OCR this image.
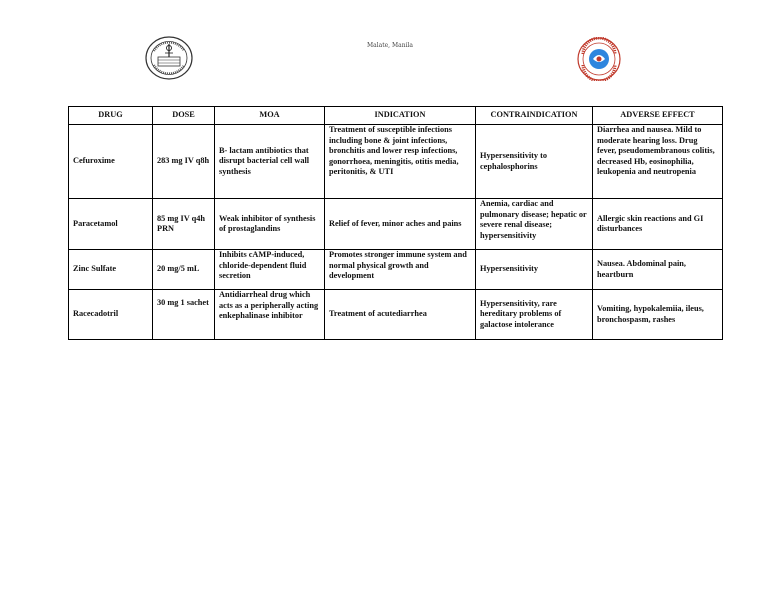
Malate, Manila
DRUG	DOSE	MOA	INDICATION	CONTRAINDICATION	ADVERSE EFFECT
Cefuroxime	283 mg IV q8h	B- lactam antibiotics that disrupt bacterial cell wall synthesis	Treatment of susceptible infections including bone & joint infections, bronchitis and lower resp infections, gonorrhoea, meningitis, otitis media, peritonitis, & UTI	Hypersensitivity to cephalosphorins	Diarrhea and nausea. Mild to moderate hearing loss. Drug fever, pseudomembranous colitis, decreased Hb, eosinophilia, leukopenia and neutropenia
Paracetamol	85 mg IV q4h PRN	Weak inhibitor of synthesis of prostaglandins	Relief of fever, minor aches and pains	Anemia, cardiac and pulmonary disease; hepatic or severe renal disease; hypersensitivity	Allergic skin reactions and GI disturbances
Zinc Sulfate	20 mg/5 mL	Inhibits cAMP-induced, chloride-dependent fluid secretion	Promotes stronger immune system and normal physical growth and development	Hypersensitivity	Nausea. Abdominal pain, heartburn
Racecadotril	30 mg 1 sachet	Antidiarrheal drug which acts as a peripherally acting enkephalinase inhibitor	Treatment of acutediarrhea	Hypersensitivity, rare hereditary problems of galactose intolerance	Vomiting, hypokalemiia, ileus, bronchospasm, rashes
